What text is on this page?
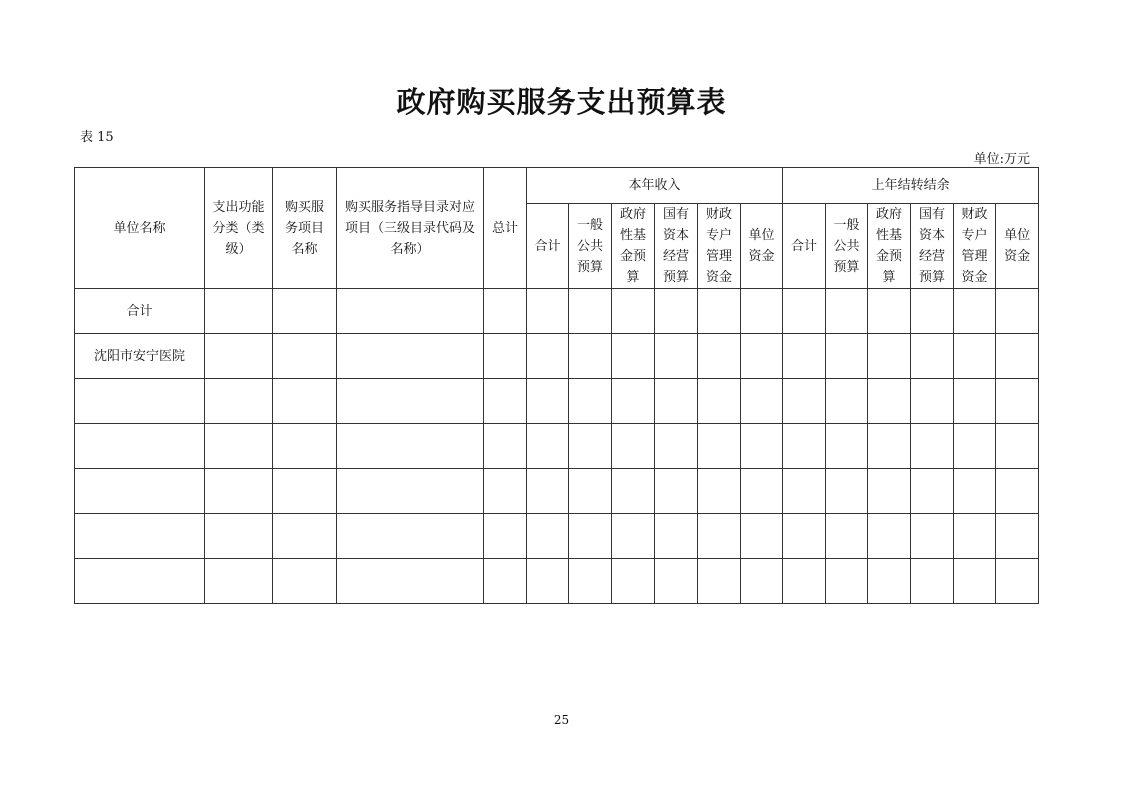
政府购买服务支出预算表
表 15
单位:万元
单位名称	支出功能分类（类级）	购买服务项目名称	购买服务指导目录对应项目（三级目录代码及名称）	总计	本年收入						上年结转结余					
					合计	一般公共预算	政府性基金预算	国有资本经营预算	财政专户管理资金	单位资金	合计	一般公共预算	政府性基金预算	国有资本经营预算	财政专户管理资金	单位资金
合计																
沈阳市安宁医院																

25
